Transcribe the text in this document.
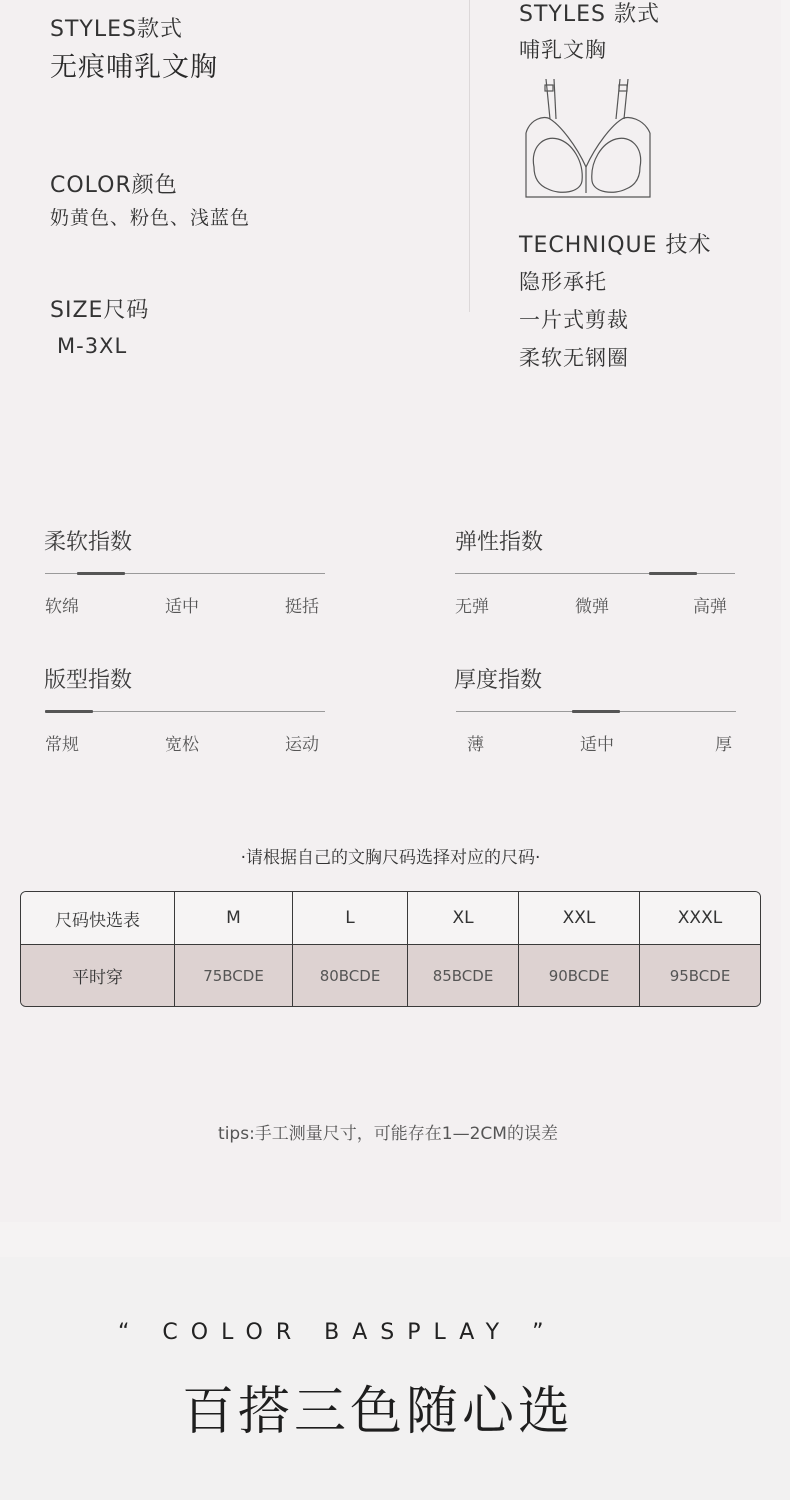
STYLES款式
无痕哺乳文胸
COLOR颜色
奶黄色、粉色、浅蓝色
SIZE尺码
M-3XL
STYLES 款式
哺乳文胸
TECHNIQUE 技术
隐形承托
一片式剪裁
柔软无钢圈
柔软指数
软绵	适中	挺括
弹性指数
无弹	微弹	高弹
版型指数
常规	宽松	运动
厚度指数
薄	适中	厚
·请根据自己的文胸尺码选择对应的尺码·
尺码快选表	M	L	XL	XXL	XXXL
平时穿	75BCDE	80BCDE	85BCDE	90BCDE	95BCDE
tips:手工测量尺寸，可能存在1—2CM的误差
“ COLOR BASPLAY ”
百搭三色随心选
